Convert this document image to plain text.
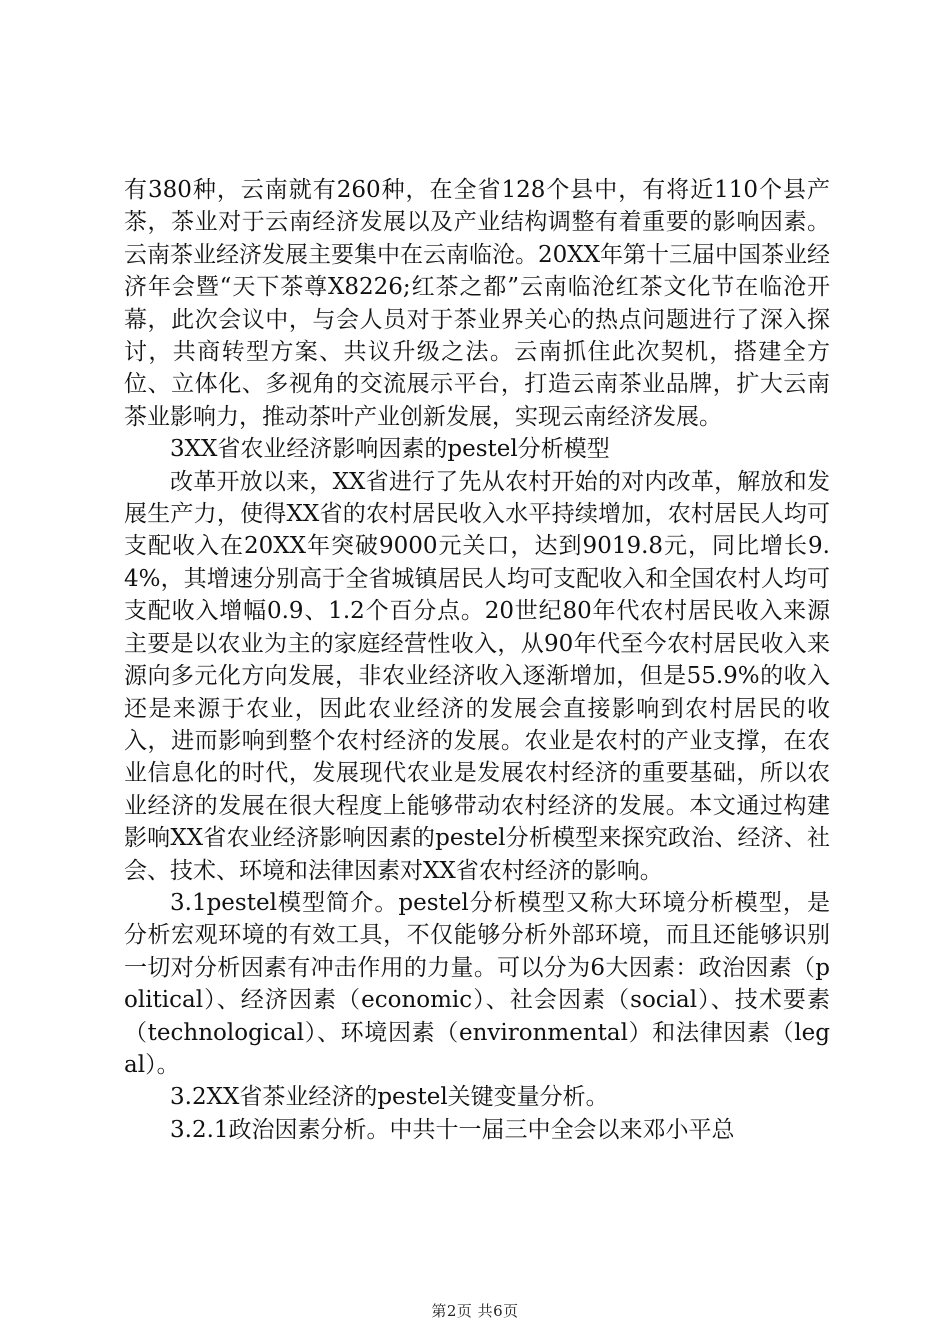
有380种，云南就有260种，在全省128个县中，有将近110个县产茶，茶业对于云南经济发展以及产业结构调整有着重要的影响因素。云南茶业经济发展主要集中在云南临沧。20XX年第十三届中国茶业经济年会暨“天下茶尊X8226;红茶之都”云南临沧红茶文化节在临沧开幕，此次会议中，与会人员对于茶业界关心的热点问题进行了深入探讨，共商转型方案、共议升级之法。云南抓住此次契机，搭建全方位、立体化、多视角的交流展示平台，打造云南茶业品牌，扩大云南茶业影响力，推动茶叶产业创新发展，实现云南经济发展。

3XX省农业经济影响因素的pestel分析模型

改革开放以来，XX省进行了先从农村开始的对内改革，解放和发展生产力，使得XX省的农村居民收入水平持续增加，农村居民人均可支配收入在20XX年突破9000元关口，达到9019.8元，同比增长9.4%，其增速分别高于全省城镇居民人均可支配收入和全国农村人均可支配收入增幅0.9、1.2个百分点。20世纪80年代农村居民收入来源主要是以农业为主的家庭经营性收入，从90年代至今农村居民收入来源向多元化方向发展，非农业经济收入逐渐增加，但是55.9%的收入还是来源于农业，因此农业经济的发展会直接影响到农村居民的收入，进而影响到整个农村经济的发展。农业是农村的产业支撑，在农业信息化的时代，发展现代农业是发展农村经济的重要基础，所以农业经济的发展在很大程度上能够带动农村经济的发展。本文通过构建影响XX省农业经济影响因素的pestel分析模型来探究政治、经济、社会、技术、环境和法律因素对XX省农村经济的影响。

3.1pestel模型简介。pestel分析模型又称大环境分析模型，是分析宏观环境的有效工具，不仅能够分析外部环境，而且还能够识别一切对分析因素有冲击作用的力量。可以分为6大因素：政治因素（political）、经济因素（economic）、社会因素（social）、技术要素（technological）、环境因素（environmental）和法律因素（legal）。

3.2XX省茶业经济的pestel关键变量分析。

3.2.1政治因素分析。中共十一届三中全会以来邓小平总

第2页 共6页
